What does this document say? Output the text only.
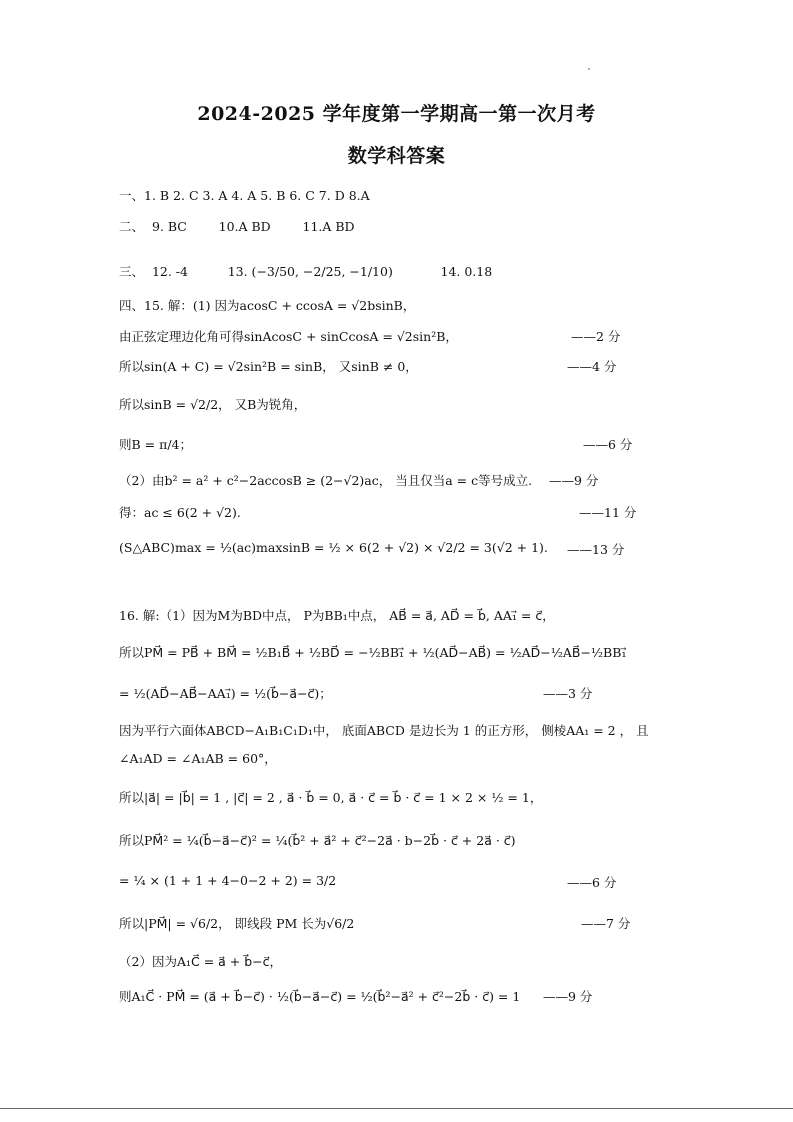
2024-2025 学年度第一学期高一第一次月考
数学科答案
一、1. B 2. C 3. A 4. A 5. B 6. C 7. D 8.A
二、  9. BC        10.A BD        11.A BD
三、  12. -4          13. (−3/50, −2/25, −1/10)            14. 0.18
四、15. 解：(1) 因为acosC + ccosA = √2bsinB，
由正弦定理边化角可得sinAcosC + sinCcosA = √2sin²B，	——2 分
所以sin(A + C) = √2sin²B = sinB， 又sinB ≠ 0，	——4 分
所以sinB = √2/2， 又B为锐角，
则B = π/4；	——6 分
（2）由b² = a² + c²−2accosB ≥ (2−√2)ac， 当且仅当a = c等号成立. ——9 分
得：ac ≤ 6(2 + √2).	——11 分
(S△ABC)max = ½(ac)maxsinB = ½ × 6(2 + √2) × √2/2 = 3(√2 + 1). ——13 分
16. 解:（1）因为M为BD中点， P为BB₁中点， AB⃗ = a⃗, AD⃗ = b⃗, AA₁⃗ = c⃗，
所以PM⃗ = PB⃗ + BM⃗ = ½B₁B⃗ + ½BD⃗ = −½BB₁⃗ + ½(AD⃗−AB⃗) = ½AD⃗−½AB⃗−½BB₁⃗
= ½(AD⃗−AB⃗−AA₁⃗) = ½(b⃗−a⃗−c⃗)；	——3 分
因为平行六面体ABCD−A₁B₁C₁D₁中， 底面ABCD 是边长为 1 的正方形， 侧棱AA₁ = 2 ， 且
∠A₁AD = ∠A₁AB = 60°，
所以|a⃗| = |b⃗| = 1 , |c⃗| = 2 , a⃗ · b⃗ = 0, a⃗ · c⃗ = b⃗ · c⃗ = 1 × 2 × ½ = 1，
所以PM⃗² = ¼(b⃗−a⃗−c⃗)² = ¼(b⃗² + a⃗² + c⃗²−2a⃗ · b−2b⃗ · c⃗ + 2a⃗ · c⃗)
= ¼ × (1 + 1 + 4−0−2 + 2) = 3/2	——6 分
所以|PM⃗| = √6/2， 即线段 PM 长为√6/2	——7 分
（2）因为A₁C⃗ = a⃗ + b⃗−c⃗，
则A₁C⃗ · PM⃗ = (a⃗ + b⃗−c⃗) · ½(b⃗−a⃗−c⃗) = ½(b⃗²−a⃗² + c⃗²−2b⃗ · c⃗) = 1 ——9 分
